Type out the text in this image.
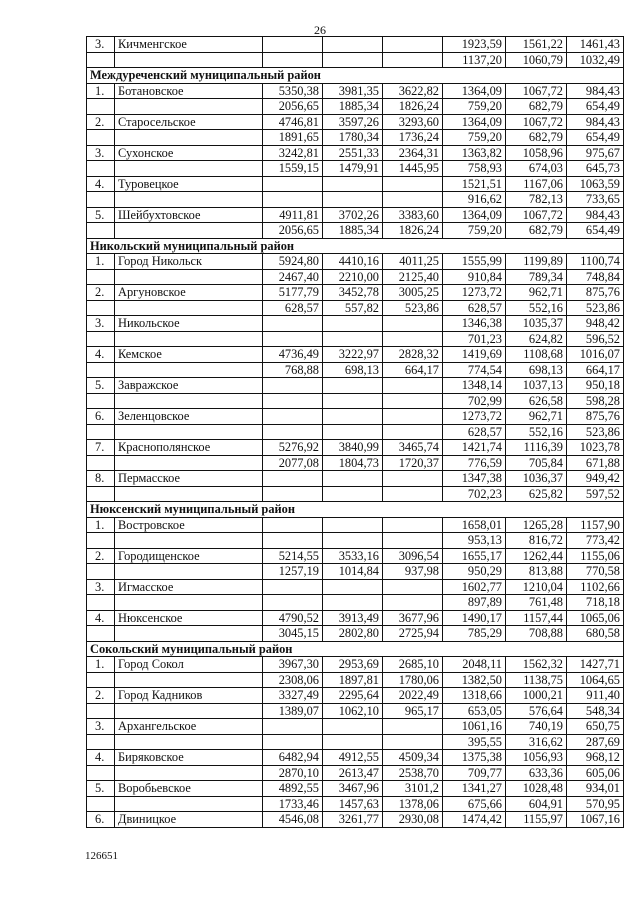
26
3.	Кичменгское				1923,59	1561,22	1461,43
					1137,20	1060,79	1032,49
Междуреченский муниципальный район							
1.	Ботановское	5350,38	3981,35	3622,82	1364,09	1067,72	984,43
		2056,65	1885,34	1826,24	759,20	682,79	654,49
2.	Старосельское	4746,81	3597,26	3293,60	1364,09	1067,72	984,43
		1891,65	1780,34	1736,24	759,20	682,79	654,49
3.	Сухонское	3242,81	2551,33	2364,31	1363,82	1058,96	975,67
		1559,15	1479,91	1445,95	758,93	674,03	645,73
4.	Туровецкое				1521,51	1167,06	1063,59
					916,62	782,13	733,65
5.	Шейбухтовское	4911,81	3702,26	3383,60	1364,09	1067,72	984,43
		2056,65	1885,34	1826,24	759,20	682,79	654,49
Никольский муниципальный район							
1.	Город Никольск	5924,80	4410,16	4011,25	1555,99	1199,89	1100,74
		2467,40	2210,00	2125,40	910,84	789,34	748,84
2.	Аргуновское	5177,79	3452,78	3005,25	1273,72	962,71	875,76
		628,57	557,82	523,86	628,57	552,16	523,86
3.	Никольское				1346,38	1035,37	948,42
					701,23	624,82	596,52
4.	Кемское	4736,49	3222,97	2828,32	1419,69	1108,68	1016,07
		768,88	698,13	664,17	774,54	698,13	664,17
5.	Завражское				1348,14	1037,13	950,18
					702,99	626,58	598,28
6.	Зеленцовское				1273,72	962,71	875,76
					628,57	552,16	523,86
7.	Краснополянское	5276,92	3840,99	3465,74	1421,74	1116,39	1023,78
		2077,08	1804,73	1720,37	776,59	705,84	671,88
8.	Пермасское				1347,38	1036,37	949,42
					702,23	625,82	597,52
Нюксенский муниципальный район							
1.	Востровское				1658,01	1265,28	1157,90
					953,13	816,72	773,42
2.	Городищенское	5214,55	3533,16	3096,54	1655,17	1262,44	1155,06
		1257,19	1014,84	937,98	950,29	813,88	770,58
3.	Игмасское				1602,77	1210,04	1102,66
					897,89	761,48	718,18
4.	Нюксенское	4790,52	3913,49	3677,96	1490,17	1157,44	1065,06
		3045,15	2802,80	2725,94	785,29	708,88	680,58
Сокольский муниципальный район							
1.	Город Сокол	3967,30	2953,69	2685,10	2048,11	1562,32	1427,71
		2308,06	1897,81	1780,06	1382,50	1138,75	1064,65
2.	Город Кадников	3327,49	2295,64	2022,49	1318,66	1000,21	911,40
		1389,07	1062,10	965,17	653,05	576,64	548,34
3.	Архангельское				1061,16	740,19	650,75
					395,55	316,62	287,69
4.	Биряковское	6482,94	4912,55	4509,34	1375,38	1056,93	968,12
		2870,10	2613,47	2538,70	709,77	633,36	605,06
5.	Воробьевское	4892,55	3467,96	3101,2	1341,27	1028,48	934,01
		1733,46	1457,63	1378,06	675,66	604,91	570,95
6.	Двиницкое	4546,08	3261,77	2930,08	1474,42	1155,97	1067,16
126651
